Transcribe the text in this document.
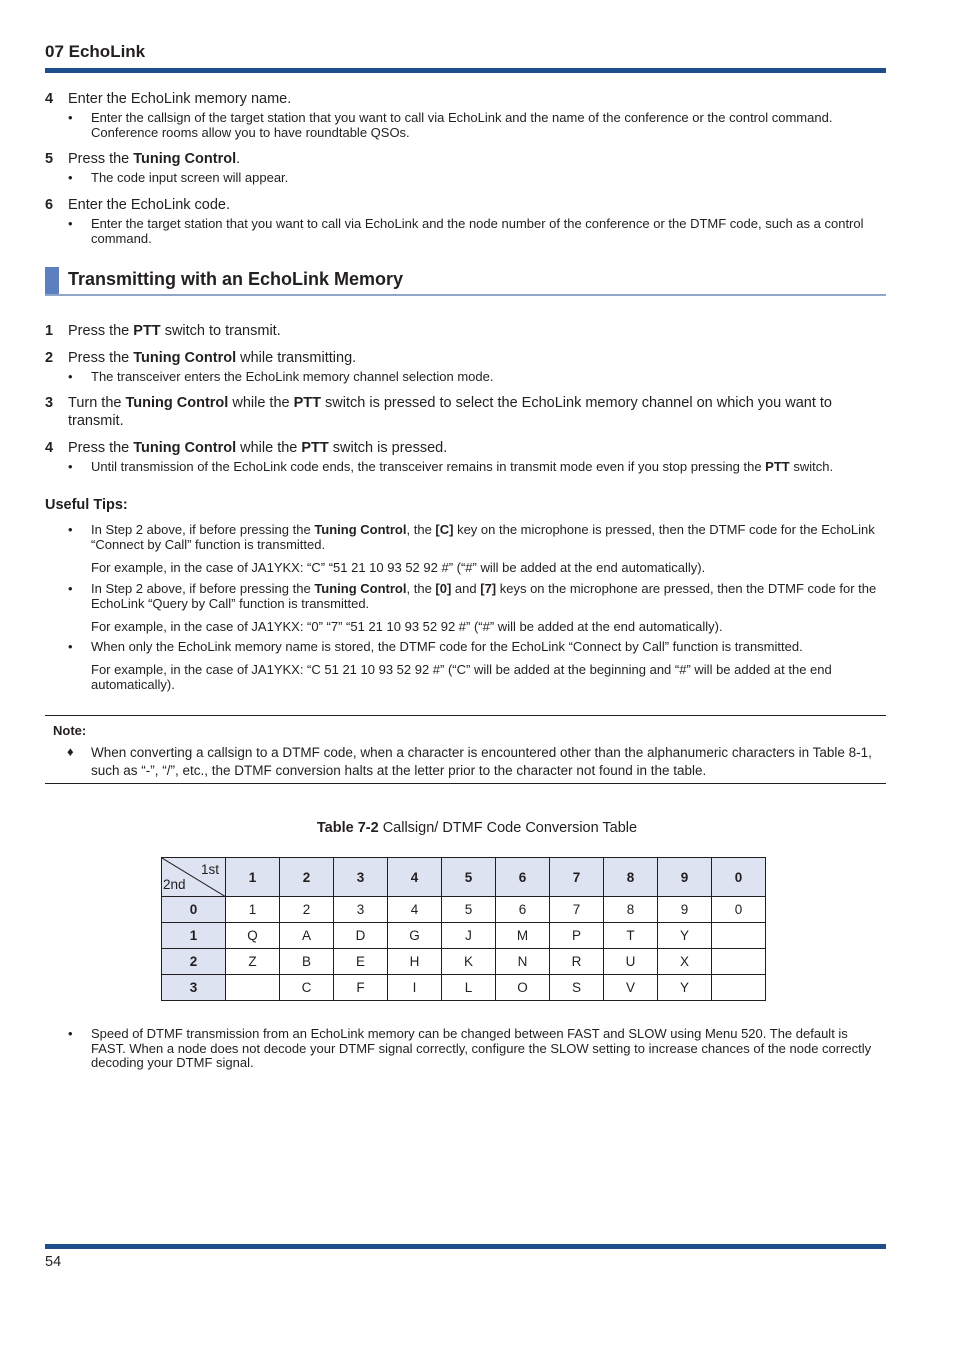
07 EchoLink
4 Enter the EchoLink memory name.
• Enter the callsign of the target station that you want to call via EchoLink and the name of the conference or the control command. Conference rooms allow you to have roundtable QSOs.
5 Press the Tuning Control.
• The code input screen will appear.
6 Enter the EchoLink code.
• Enter the target station that you want to call via EchoLink and the node number of the conference or the DTMF code, such as a control command.
Transmitting with an EchoLink Memory
1 Press the PTT switch to transmit.
2 Press the Tuning Control while transmitting.
• The transceiver enters the EchoLink memory channel selection mode.
3 Turn the Tuning Control while the PTT switch is pressed to select the EchoLink memory channel on which you want to transmit.
4 Press the Tuning Control while the PTT switch is pressed.
• Until transmission of the EchoLink code ends, the transceiver remains in transmit mode even if you stop pressing the PTT switch.
Useful Tips:
• In Step 2 above, if before pressing the Tuning Control, the [C] key on the microphone is pressed, then the DTMF code for the EchoLink “Connect by Call” function is transmitted.
For example, in the case of JA1YKX: “C” “51 21 10 93 52 92 #” (“#” will be added at the end automatically).
• In Step 2 above, if before pressing the Tuning Control, the [0] and [7] keys on the microphone are pressed, then the DTMF code for the EchoLink “Query by Call” function is transmitted.
For example, in the case of JA1YKX: “0” “7” “51 21 10 93 52 92 #” (“#” will be added at the end automatically).
• When only the EchoLink memory name is stored, the DTMF code for the EchoLink “Connect by Call” function is transmitted.
For example, in the case of JA1YKX: “C 51 21 10 93 52 92 #” (“C” will be added at the beginning and “#” will be added at the end automatically).
Note:
♦ When converting a callsign to a DTMF code, when a character is encountered other than the alphanumeric characters in Table 8-1, such as “-”, “/”, etc., the DTMF conversion halts at the letter prior to the character not found in the table.
Table 7-2 Callsign/ DTMF Code Conversion Table
1st
2nd	1	2	3	4	5	6	7	8	9	0
0	1	2	3	4	5	6	7	8	9	0
1	Q	A	D	G	J	M	P	T	Y	
2	Z	B	E	H	K	N	R	U	X	
3		C	F	I	L	O	S	V	Y	
• Speed of DTMF transmission from an EchoLink memory can be changed between FAST and SLOW using Menu 520. The default is FAST. When a node does not decode your DTMF signal correctly, configure the SLOW setting to increase chances of the node correctly decoding your DTMF signal.
54
